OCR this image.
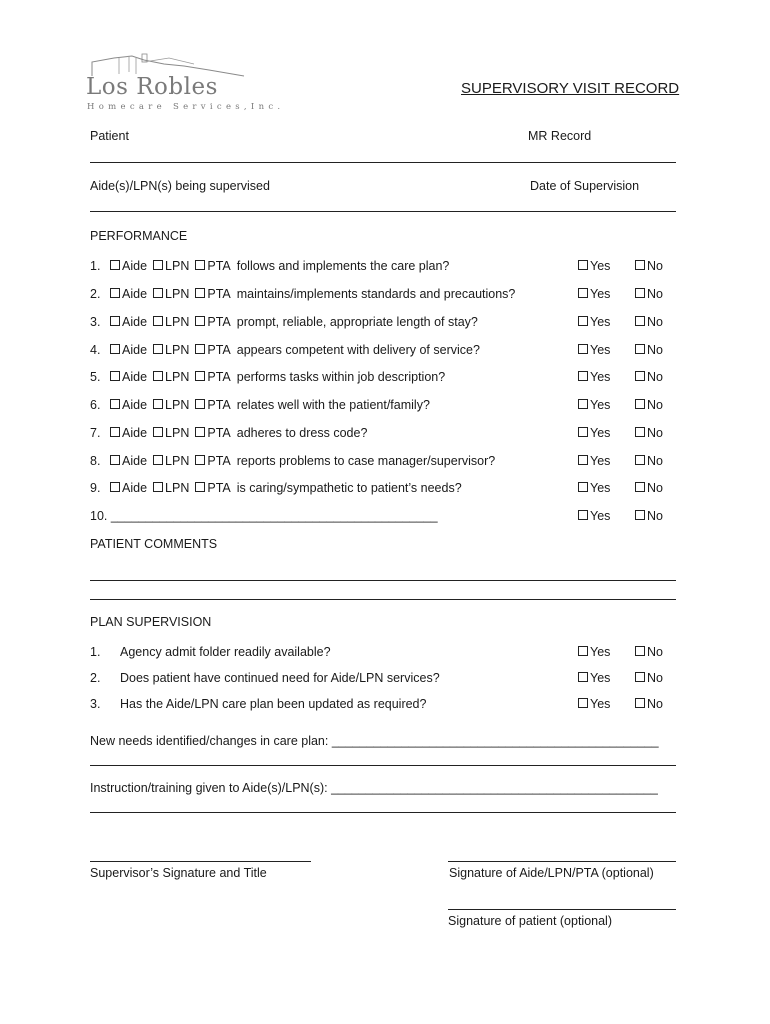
Los Robles
Homecare Services,Inc.
SUPERVISORY VISIT RECORD
Patient	MR Record
Aide(s)/LPN(s) being supervised	Date of Supervision
PERFORMANCE
1.	Aide LPN PTA follows and implements the care plan?	Yes	No
2.	Aide LPN PTA maintains/implements standards and precautions?	Yes	No
3.	Aide LPN PTA prompt, reliable, appropriate length of stay?	Yes	No
4.	Aide LPN PTA appears competent with delivery of service?	Yes	No
5.	Aide LPN PTA performs tasks within job description?	Yes	No
6.	Aide LPN PTA relates well with the patient/family?	Yes	No
7.	Aide LPN PTA adheres to dress code?	Yes	No
8.	Aide LPN PTA reports problems to case manager/supervisor?	Yes	No
9.	Aide LPN PTA is caring/sympathetic to patient’s needs?	Yes	No
10. _______________________________________________	Yes	No
PATIENT COMMENTS
PLAN SUPERVISION
1. Agency admit folder readily available?	Yes	No
2. Does patient have continued need for Aide/LPN services?	Yes	No
3. Has the Aide/LPN care plan been updated as required?	Yes	No
New needs identified/changes in care plan: _______________________________________________
Instruction/training given to Aide(s)/LPN(s): _______________________________________________
Supervisor’s Signature and Title	Signature of Aide/LPN/PTA (optional)
Signature of patient (optional)
